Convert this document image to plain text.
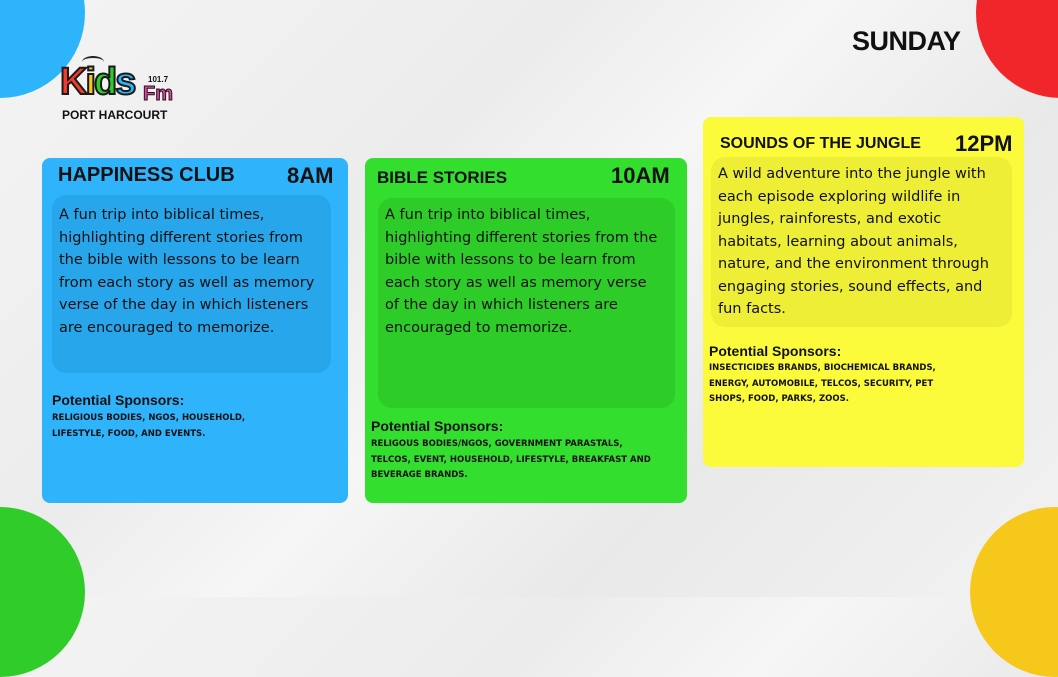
SUNDAY
Kids 101.7
Fm
PORT HARCOURT
HAPPINESS CLUB 8AM
A fun trip into biblical times, highlighting different stories from the bible with lessons to be learn from each story as well as memory verse of the day in which listeners are encouraged to memorize.
Potential Sponsors:
RELIGIOUS BODIES, NGOS, HOUSEHOLD, LIFESTYLE, FOOD, AND EVENTS.
BIBLE STORIES	10AM
A fun trip into biblical times, highlighting different stories from the bible with lessons to be learn from each story as well as memory verse of the day in which listeners are encouraged to memorize.
Potential Sponsors:
RELIGOUS BODIES/NGOS, GOVERNMENT PARASTALS, TELCOS, EVENT, HOUSEHOLD, LIFESTYLE, BREAKFAST AND BEVERAGE BRANDS.
SOUNDS OF THE JUNGLE 12PM
A wild adventure into the jungle with each episode exploring wildlife in jungles, rainforests, and exotic habitats, learning about animals, nature, and the environment through engaging stories, sound effects, and fun facts.
Potential Sponsors:
INSECTICIDES BRANDS, BIOCHEMICAL BRANDS, ENERGY, AUTOMOBILE, TELCOS, SECURITY, PET SHOPS, FOOD, PARKS, ZOOS.
